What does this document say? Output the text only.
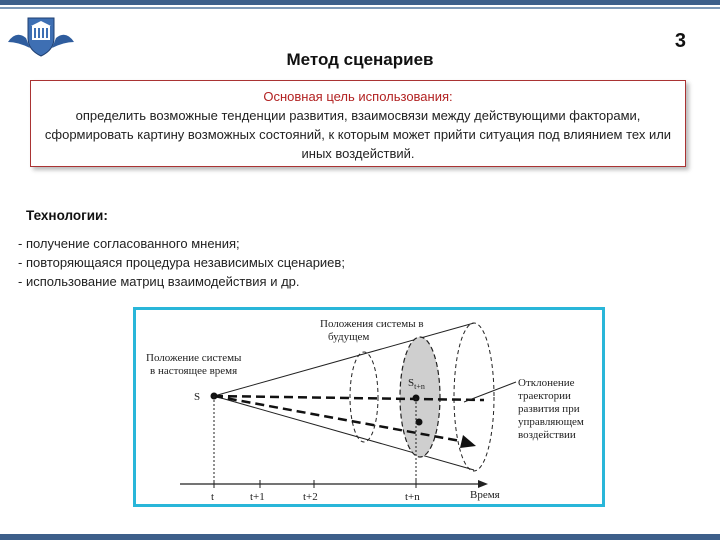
3
Метод сценариев
Основная цель использования:
определить возможные тенденции развития, взаимосвязи между действующими факторами, сформировать картину возможных состояний, к которым может прийти ситуация под влиянием тех или иных воздействий.
Технологии:
- получение согласованного мнения;
- повторяющаяся процедура независимых сценариев;
- использование матриц взаимодействия и др.
Положения системы в
будущем
Положение системы
в настоящее время
S
$S_{t+n}$	Отклонение
траектории
развития при
управляющем
воздействии
Время
t	t+1	t+2	t+n
